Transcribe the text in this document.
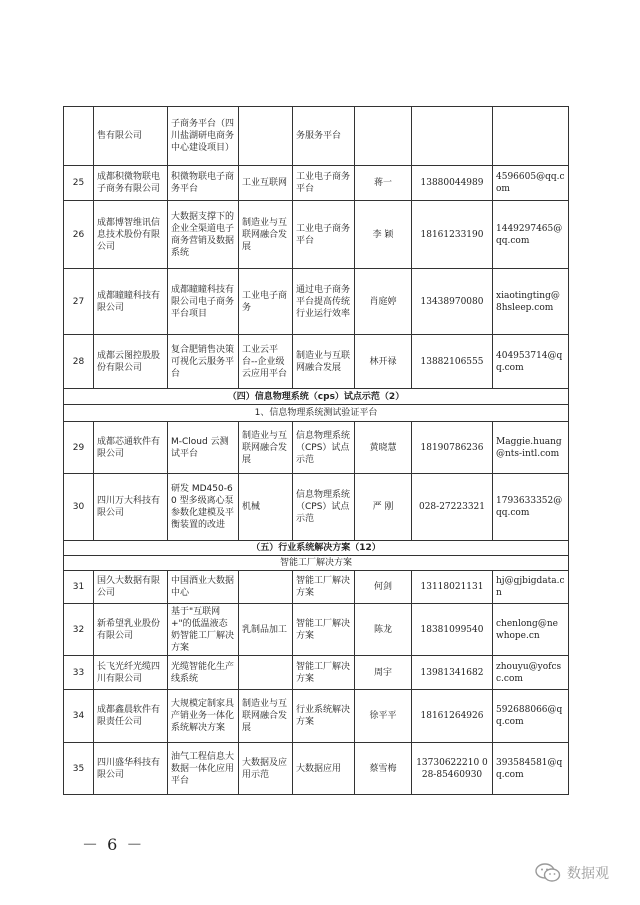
	售有限公司	子商务平台（四川盐湖研电商务中心建设项目）		务服务平台			
25	成都积微物联电子商务有限公司	积微物联电子商务平台	工业互联网	工业电子商务平台	蒋一	13880044989	4596605@qq.com
26	成都博智维讯信息技术股份有限公司	大数据支撑下的企业全渠道电子商务营销及数据系统	制造业与互联网融合发展	工业电子商务平台	李 颖	18161233190	1449297465@qq.com
27	成都瞳瞳科技有限公司	成都瞳瞳科技有限公司电子商务平台项目	工业电子商务	通过电子商务平台提高传统行业运行效率	肖庭婷	13438970080	xiaotingting@8hsleep.com
28	成都云图控股股份有限公司	复合肥销售决策可视化云服务平台	工业云平台--企业级云应用平台	制造业与互联网融合发展	林开禄	13882106555	404953714@qq.com
（四）信息物理系统（cps）试点示范（2）							
1、信息物理系统测试验证平台							
29	成都芯通软件有限公司	M-Cloud 云测试平台	制造业与互联网融合发展	信息物理系统（CPS）试点示范	黄晓慧	18190786236	Maggie.huang@nts-intl.com
30	四川万大科技有限公司	研发 MD450-60 型多级离心泵参数化建模及平衡装置的改进	机械	信息物理系统（CPS）试点示范	严 刚	028-27223321	1793633352@qq.com
（五）行业系统解决方案（12）							
智能工厂解决方案							
31	国久大数据有限公司	中国酒业大数据中心		智能工厂解决方案	何剑	13118021131	hj@gjbigdata.cn
32	新希望乳业股份有限公司	基于"互联网+"的低温液态奶智能工厂解决方案	乳制品加工	智能工厂解决方案	陈龙	18381099540	chenlong@newhope.cn
33	长飞光纤光缆四川有限公司	光缆智能化生产线系统		智能工厂解决方案	周宇	13981341682	zhouyu@yofcsc.com
34	成都鑫晨软件有限责任公司	大规模定制家具产销业务一体化系统解决方案	制造业与互联网融合发展	行业系统解决方案	徐平平	18161264926	592688066@qq.com
35	四川盛华科技有限公司	油气工程信息大数据一体化应用平台	大数据及应用示范	大数据应用	蔡雪梅	13730622210 028-85460930	393584581@qq.com
－ 6 －
数据观
